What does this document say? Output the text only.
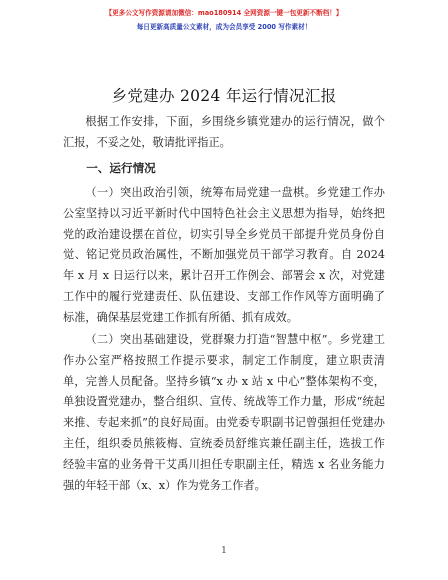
【更多公文写作资源请加微信：mao180914 全网资源一键一包更新不断档！】
每日更新高质量公文素材，成为会员享受 2000 写作素材！
乡党建办 2024 年运行情况汇报

根据工作安排，下面，乡围绕乡镇党建办的运行情况，做个汇报，不妥之处，敬请批评指正。

一、运行情况

（一）突出政治引领，统筹布局党建一盘棋。乡党建工作办公室坚持以习近平新时代中国特色社会主义思想为指导，始终把党的政治建设摆在首位，切实引导全乡党员干部提升党员身份自觉、铭记党员政治属性，不断加强党员干部学习教育。自 2024 年 x 月 x 日运行以来，累计召开工作例会、部署会 x 次，对党建工作中的履行党建责任、队伍建设、支部工作作风等方面明确了标准，确保基层党建工作抓有所循、抓有成效。

（二）突出基础建设，党群聚力打造“智慧中枢”。乡党建工作办公室严格按照工作提示要求，制定工作制度，建立职责清单，完善人员配备。坚持乡镇“x 办 x 站 x 中心”整体架构不变，单独设置党建办，整合组织、宣传、统战等工作力量，形成“统起来推、专起来抓”的良好局面。由党委专职副书记曾强担任党建办主任，组织委员熊筱梅、宣统委员舒维宾兼任副主任，选拔工作经验丰富的业务骨干艾禹川担任专职副主任，精选 x 名业务能力强的年轻干部（x、x）作为党务工作者。

1
